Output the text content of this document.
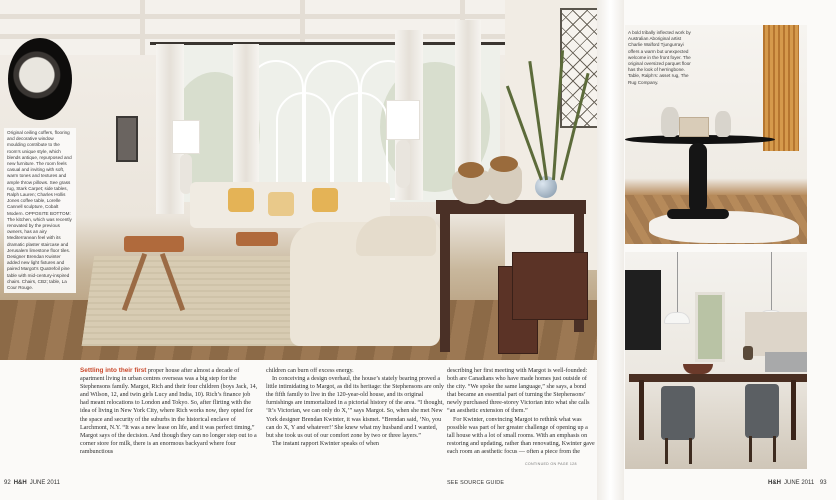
Original ceiling coffers, flooring and decorative window moulding contribute to the room’s unique style, which blends antique, repurposed and new furniture. The room feels casual and inviting with soft, warm tones and textures and ample throw pillows. See grass rug, Stark Carpet; side tables, Ralph Lauren; Charles Hollis Jones coffee table, Lorelle Cannell sculpture, Cobalt Modern. OPPOSITE BOTTOM: The kitchen, which was recently renovated by the previous owners, has an airy Mediterranean feel with its dramatic plaster staircase and Jerusalem limestone floor tiles. Designer Brendan Kwinter added new light fixtures and paired Margot’s Quatrefoil pine table with mid-century-inspired chairs. Chairs, CB2; table, La Cour Rouge.

Settling into their first proper house after almost a decade of apartment living in urban centres overseas was a big step for the Stephensons family. Margot, Rich and their four children (boys Jack, 14, and Wilson, 12, and twin girls Lucy and India, 10). Rich’s finance job had meant relocations to London and Tokyo. So, after flirting with the idea of living in New York City, where Rich works now, they opted for the space and security of the suburbs in the historical enclave of Larchmont, N.Y. “It was a new lease on life, and it was perfect timing,” Margot says of the decision. And though they can no longer step out to a corner store for milk, there is an enormous backyard where four rambunctious

children can burn off excess energy.

In conceiving a design overhaul, the house’s stately bearing proved a little intimidating to Margot, as did its heritage: the Stephensons are only the fifth family to live in the 120-year-old house, and its original furnishings are immortalized in a pictorial history of the area. “I thought, ‘It’s Victorian, we can only do X,’” says Margot. So, when she met New York designer Brendan Kwinter, it was kismet. “Brendan said, ‘No, you can do X, Y and whatever!’ She knew what my husband and I wanted, but she took us out of our comfort zone by two or three layers.”

The instant rapport Kwinter speaks of when

describing her first meeting with Margot is well-founded: both are Canadians who have made homes just outside of the city. “We spoke the same language,” she says, a bond that became an essential part of turning the Stephensons’ newly purchased three-storey Victorian into what she calls “an aesthetic extension of them.”

For Kwinter, convincing Margot to rethink what was possible was part of her greater challenge of opening up a tall house with a lot of small rooms. With an emphasis on restoring and updating, rather than renovating, Kwinter gave each room an aesthetic focus — often a piece from the

CONTINUED ON PAGE 128
92 H&H JUNE 2011	SEE SOURCE GUIDE	H&H JUNE 2011 93
A bold tribally inflected work by Australian Aboriginal artist Charlie Walford Tjungurrayi offers a warm but unexpected welcome in the front foyer. The original oversized parquet floor has the look of herringbone. Table, Ralph’s: asset rug, The Rug Company.
